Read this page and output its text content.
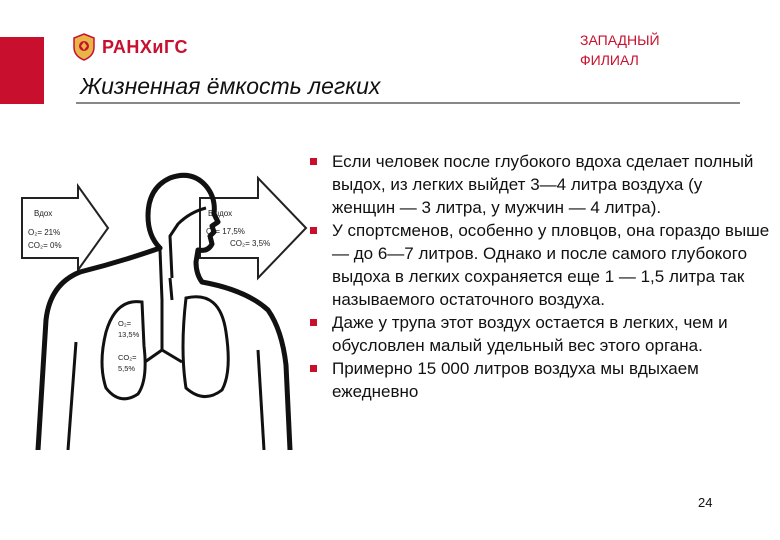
РАНХиГС	ЗАПАДНЫЙ
ФИЛИАЛ
Жизненная ёмкость легких
Вдох
O₂= 21%
CO₂= 0%
Выдох
O₂= 17,5%
CO₂= 3,5%
O₂=
13,5%
CO₂=
5,5%
Если человек после глубокого вдоха сделает полный выдох, из легких выйдет 3—4 литра воздуха (у женщин — 3 литра, у мужчин — 4 литра).
У спортсменов, особенно у пловцов, она гораздо выше — до 6—7 литров. Однако и после самого глубокого выдоха в легких сохраняется еще 1 — 1,5 литра так называемого остаточного воздуха.
Даже у трупа этот воздух остается в легких, чем и обусловлен малый удельный вес этого органа.
Примерно 15 000 литров воздуха мы вдыхаем ежедневно
24
